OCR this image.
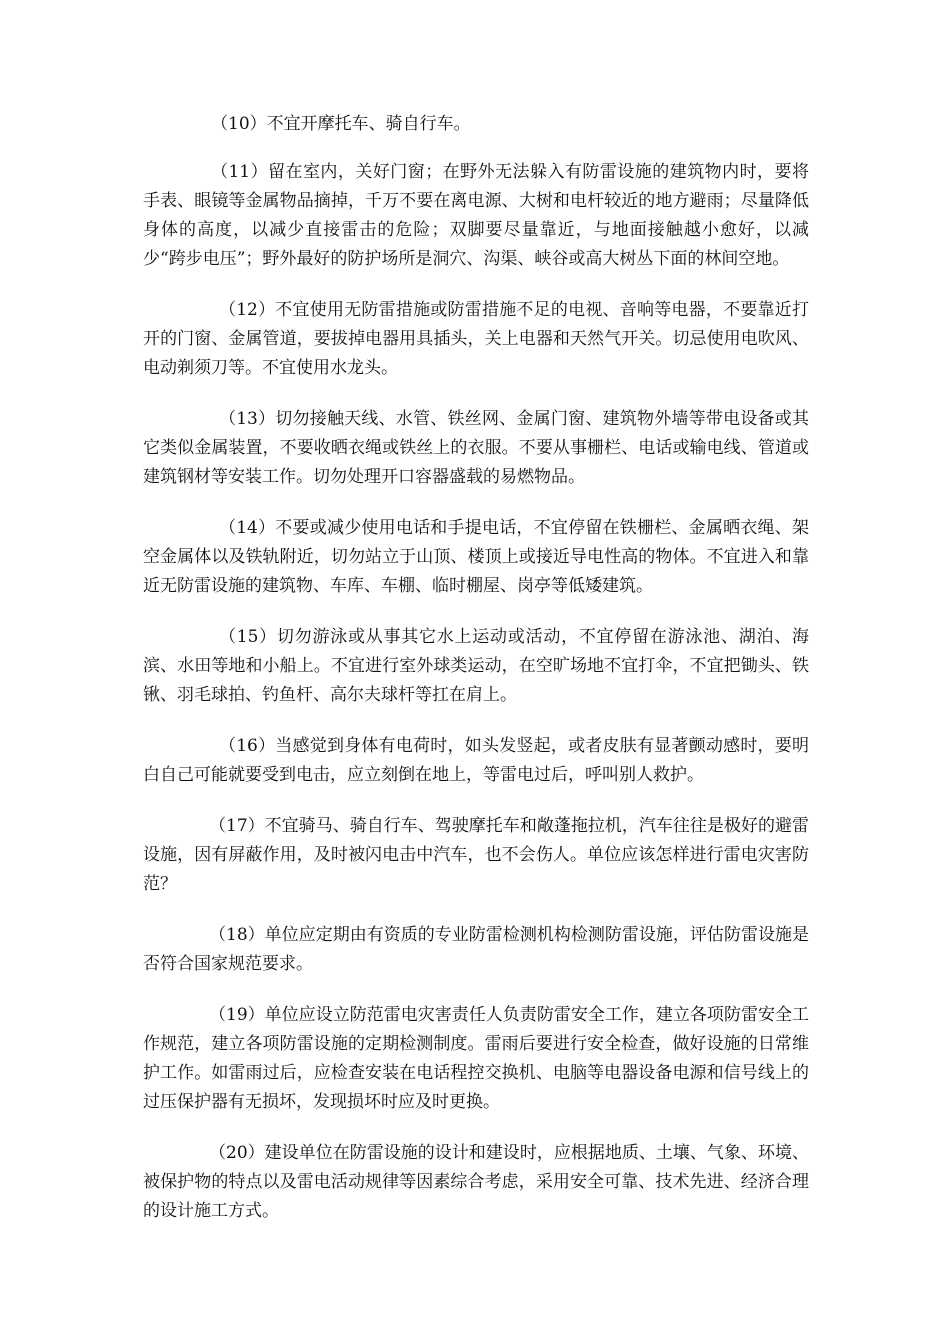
（10）不宜开摩托车、骑自行车。

（11）留在室内，关好门窗；在野外无法躲入有防雷设施的建筑物内时，要将手表、眼镜等金属物品摘掉，千万不要在离电源、大树和电杆较近的地方避雨；尽量降低身体的高度，以减少直接雷击的危险；双脚要尽量靠近，与地面接触越小愈好，以减少“跨步电压”；野外最好的防护场所是洞穴、沟渠、峡谷或高大树丛下面的林间空地。

（12）不宜使用无防雷措施或防雷措施不足的电视、音响等电器，不要靠近打开的门窗、金属管道，要拔掉电器用具插头，关上电器和天然气开关。切忌使用电吹风、电动剃须刀等。不宜使用水龙头。

（13）切勿接触天线、水管、铁丝网、金属门窗、建筑物外墙等带电设备或其它类似金属装置，不要收晒衣绳或铁丝上的衣服。不要从事栅栏、电话或输电线、管道或建筑钢材等安装工作。切勿处理开口容器盛载的易燃物品。

（14）不要或减少使用电话和手提电话，不宜停留在铁栅栏、金属晒衣绳、架空金属体以及铁轨附近，切勿站立于山顶、楼顶上或接近导电性高的物体。不宜进入和靠近无防雷设施的建筑物、车库、车棚、临时棚屋、岗亭等低矮建筑。

（15）切勿游泳或从事其它水上运动或活动，不宜停留在游泳池、湖泊、海滨、水田等地和小船上。不宜进行室外球类运动，在空旷场地不宜打伞，不宜把锄头、铁锹、羽毛球拍、钓鱼杆、高尔夫球杆等扛在肩上。

（16）当感觉到身体有电荷时，如头发竖起，或者皮肤有显著颤动感时，要明白自己可能就要受到电击，应立刻倒在地上，等雷电过后，呼叫别人救护。

（17）不宜骑马、骑自行车、驾驶摩托车和敞蓬拖拉机，汽车往往是极好的避雷设施，因有屏蔽作用，及时被闪电击中汽车，也不会伤人。单位应该怎样进行雷电灾害防范？

（18）单位应定期由有资质的专业防雷检测机构检测防雷设施，评估防雷设施是否符合国家规范要求。

（19）单位应设立防范雷电灾害责任人负责防雷安全工作，建立各项防雷安全工作规范，建立各项防雷设施的定期检测制度。雷雨后要进行安全检查，做好设施的日常维护工作。如雷雨过后，应检查安装在电话程控交换机、电脑等电器设备电源和信号线上的过压保护器有无损坏，发现损坏时应及时更换。

（20）建设单位在防雷设施的设计和建设时，应根据地质、土壤、气象、环境、被保护物的特点以及雷电活动规律等因素综合考虑，采用安全可靠、技术先进、经济合理的设计施工方式。
